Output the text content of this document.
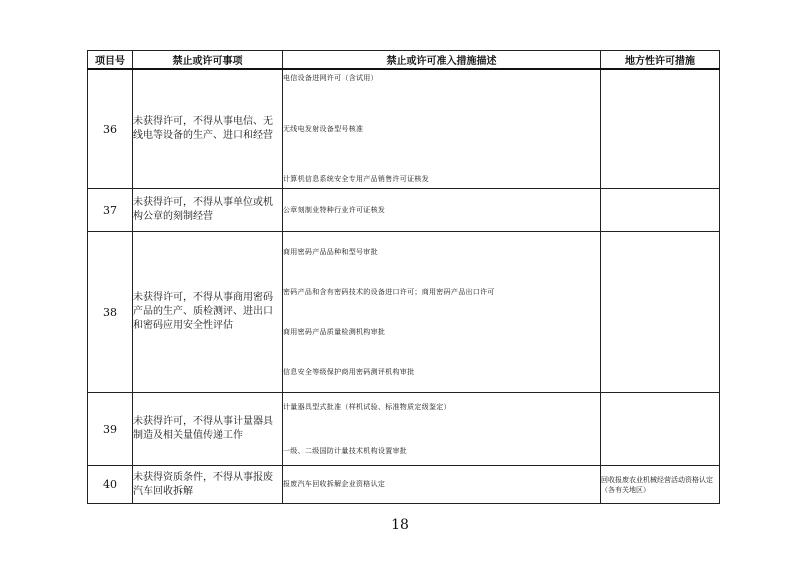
项目号	禁止或许可事项	禁止或许可准入措施描述	地方性许可措施
36	未获得许可，不得从事电信、无线电等设备的生产、进口和经营	电信设备进网许可（含试用）
无线电发射设备型号核准
计算机信息系统安全专用产品销售许可证核发	

37	未获得许可，不得从事单位或机构公章的刻制经营	公章刻制业特种行业许可证核发	

38	未获得许可，不得从事商用密码产品的生产、质检测评、进出口和密码应用安全性评估	商用密码产品品种和型号审批
密码产品和含有密码技术的设备进口许可；商用密码产品出口许可
商用密码产品质量检测机构审批
信息安全等级保护商用密码测评机构审批	

39	未获得许可，不得从事计量器具制造及相关量值传递工作	计量器具型式批准（样机试验、标准物质定级鉴定）
一级、二级国防计量技术机构设置审批	

40	未获得资质条件，不得从事报废汽车回收拆解	报废汽车回收拆解企业资格认定	回收报废农业机械经营活动资格认定（各有关地区）
18
